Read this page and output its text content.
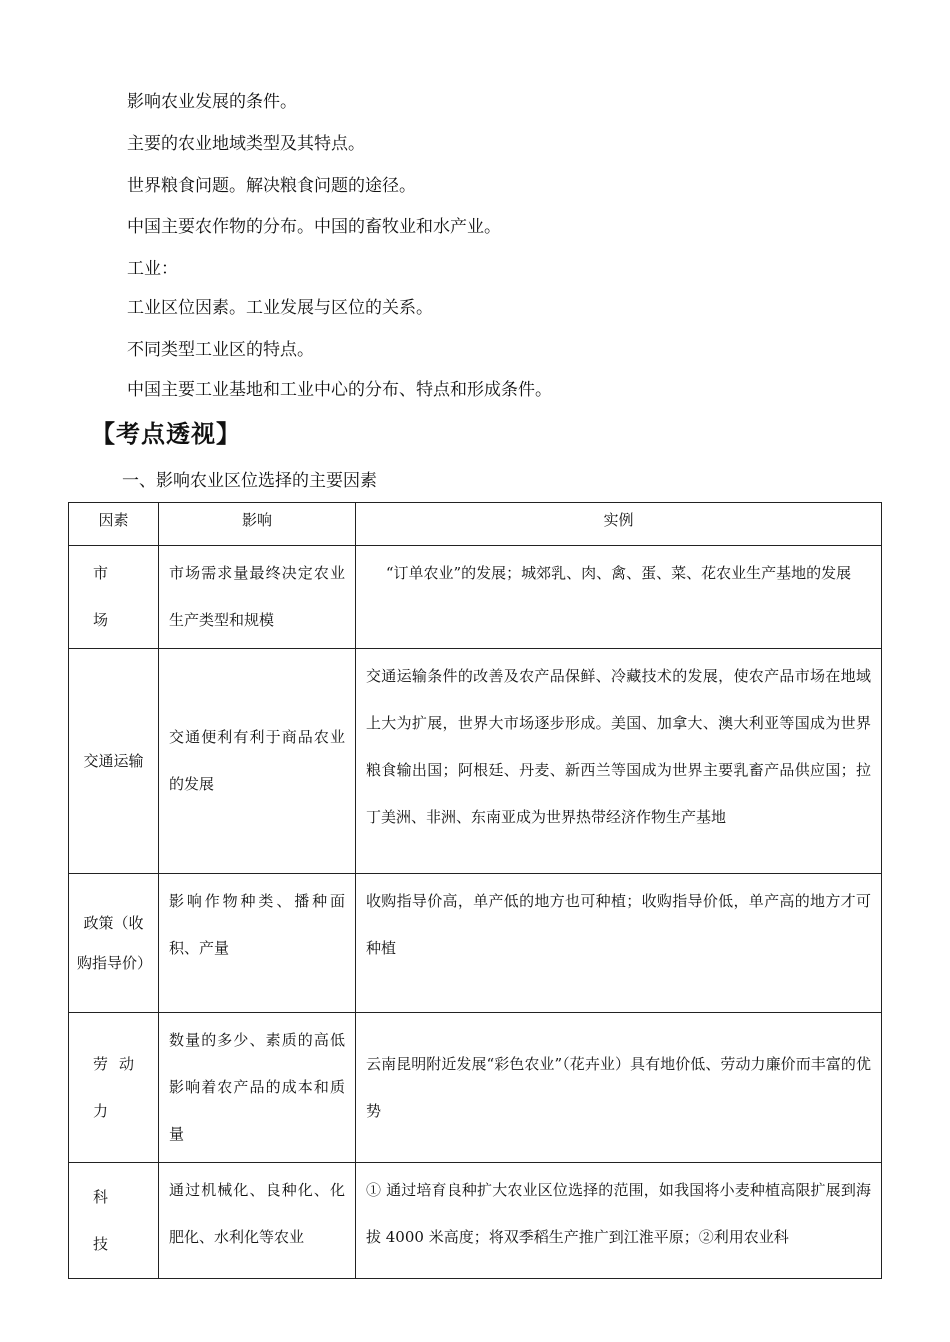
影响农业发展的条件。
主要的农业地域类型及其特点。
世界粮食问题。解决粮食问题的途径。
中国主要农作物的分布。中国的畜牧业和水产业。
工业：
工业区位因素。工业发展与区位的关系。
不同类型工业区的特点。
中国主要工业基地和工业中心的分布、特点和形成条件。
【考点透视】
一、影响农业区位选择的主要因素
因素	影响	实例
市　　场	市场需求量最终决定农业生产类型和规模	“订单农业”的发展；城郊乳、肉、禽、蛋、菜、花农业生产基地的发展
交通运输	交通便利有利于商品农业的发展	交通运输条件的改善及农产品保鲜、冷藏技术的发展，使农产品市场在地域上大为扩展，世界大市场逐步形成。美国、加拿大、澳大利亚等国成为世界粮食输出国；阿根廷、丹麦、新西兰等国成为世界主要乳畜产品供应国；拉丁美洲、非洲、东南亚成为世界热带经济作物生产基地
政策（收购指导价）	影响作物种类、播种面积、产量	收购指导价高，单产低的地方也可种植；收购指导价低，单产高的地方才可种植
劳动力	数量的多少、素质的高低影响着农产品的成本和质量	云南昆明附近发展“彩色农业”（花卉业）具有地价低、劳动力廉价而丰富的优势
科　　技	通过机械化、良种化、化肥化、水利化等农业	① 通过培育良种扩大农业区位选择的范围，如我国将小麦种植高限扩展到海拔 4000 米高度；将双季稻生产推广到江淮平原；②利用农业科
